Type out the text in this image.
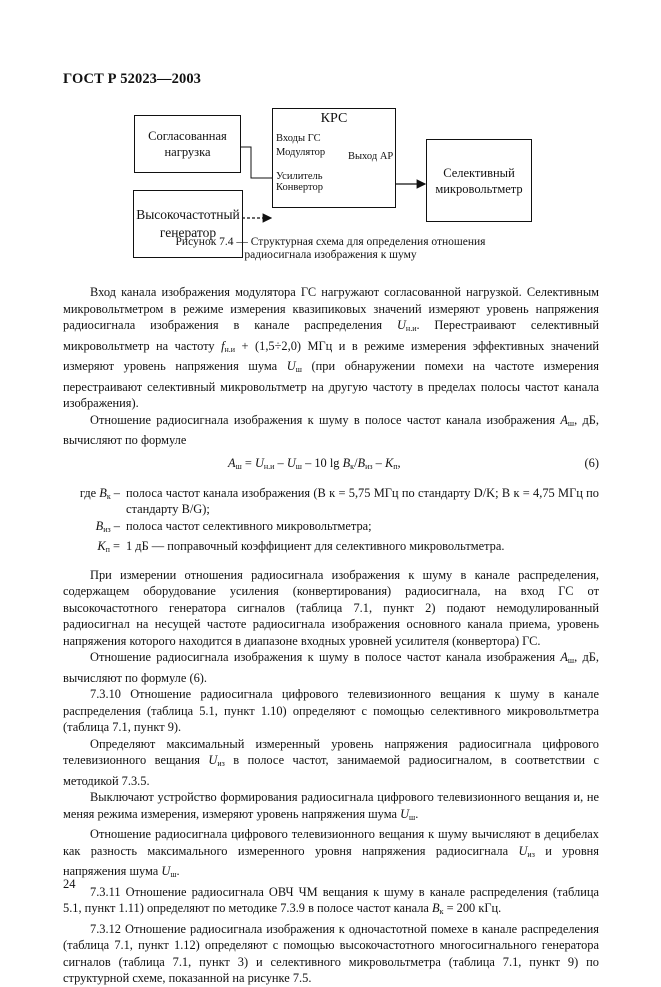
ГОСТ Р 52023—2003
Согласованная
нагрузка
Высокочастотный
генератор
КРС
Входы ГС
Модулятор
Усилитель
Конвертор
Выход АР
Селективный
микровольтметр
Рисунок 7.4 — Структурная схема для определения отношения
радиосигнала изображения к шуму

Вход канала изображения модулятора ГС нагружают согласованной нагрузкой. Селективным микровольтметром в режиме измерения квазипиковых значений измеряют уровень напряжения радиосигнала изображения в канале распределения $U_{н.и}$. Перестраивают селективный микровольтметр на частоту $f_{н.и} + (1,5\div 2,0)$ МГц и в режиме измерения эффективных значений измеряют уровень напряжения шума $U_ш$ (при обнаружении помехи на частоте измерения перестраивают селективный микровольтметр на другую частоту в пределах полосы частот канала изображения).

Отношение радиосигнала изображения к шуму в полосе частот канала изображения $A_ш$, дБ, вычисляют по формуле

$A_ш = U_{н.и} - U_ш - 10$ $\lg B_к/B_{из} - K_п$,	(6)
где $B_к$ – полоса частот канала изображения (B к = 5,75 МГц по стандарту D/K; B к = 4,75 МГц по стандарту B/G);
$B_{из}$ – полоса частот селективного микровольтметра;
$K_п = 1$ дБ — поправочный коэффициент для селективного микровольтметра.

При измерении отношения радиосигнала изображения к шуму в канале распределения, содержащем оборудование усиления (конвертирования) радиосигнала, на вход ГС от высокочастотного генератора сигналов (таблица 7.1, пункт 2) подают немодулированный радиосигнал на несущей частоте радиосигнала изображения основного канала приема, уровень напряжения которого находится в диапазоне входных уровней усилителя (конвертора) ГС.

Отношение радиосигнала изображения к шуму в полосе частот канала изображения $A_ш$, дБ, вычисляют по формуле (6).

7.3.10 Отношение радиосигнала цифрового телевизионного вещания к шуму в канале распределения (таблица 5.1, пункт 1.10) определяют с помощью селективного микровольтметра (таблица 7.1, пункт 9).

Определяют максимальный измеренный уровень напряжения радиосигнала цифрового телевизионного вещания $U_{из}$ в полосе частот, занимаемой радиосигналом, в соответствии с методикой 7.3.5.

Выключают устройство формирования радиосигнала цифрового телевизионного вещания и, не меняя режима измерения, измеряют уровень напряжения шума $U_ш$.

Отношение радиосигнала цифрового телевизионного вещания к шуму вычисляют в децибелах как разность максимального измеренного уровня напряжения радиосигнала $U_{из}$ и уровня напряжения шума $U_ш$.

7.3.11 Отношение радиосигнала ОВЧ ЧМ вещания к шуму в канале распределения (таблица 5.1, пункт 1.11) определяют по методике 7.3.9 в полосе частот канала $B_к = 200$ кГц.

7.3.12 Отношение радиосигнала изображения к одночастотной помехе в канале распределения (таблица 7.1, пункт 1.12) определяют с помощью высокочастотного многосигнального генератора сигналов (таблица 7.1, пункт 3) и селективного микровольтметра (таблица 7.1, пункт 9) по структурной схеме, показанной на рисунке 7.5.

24
